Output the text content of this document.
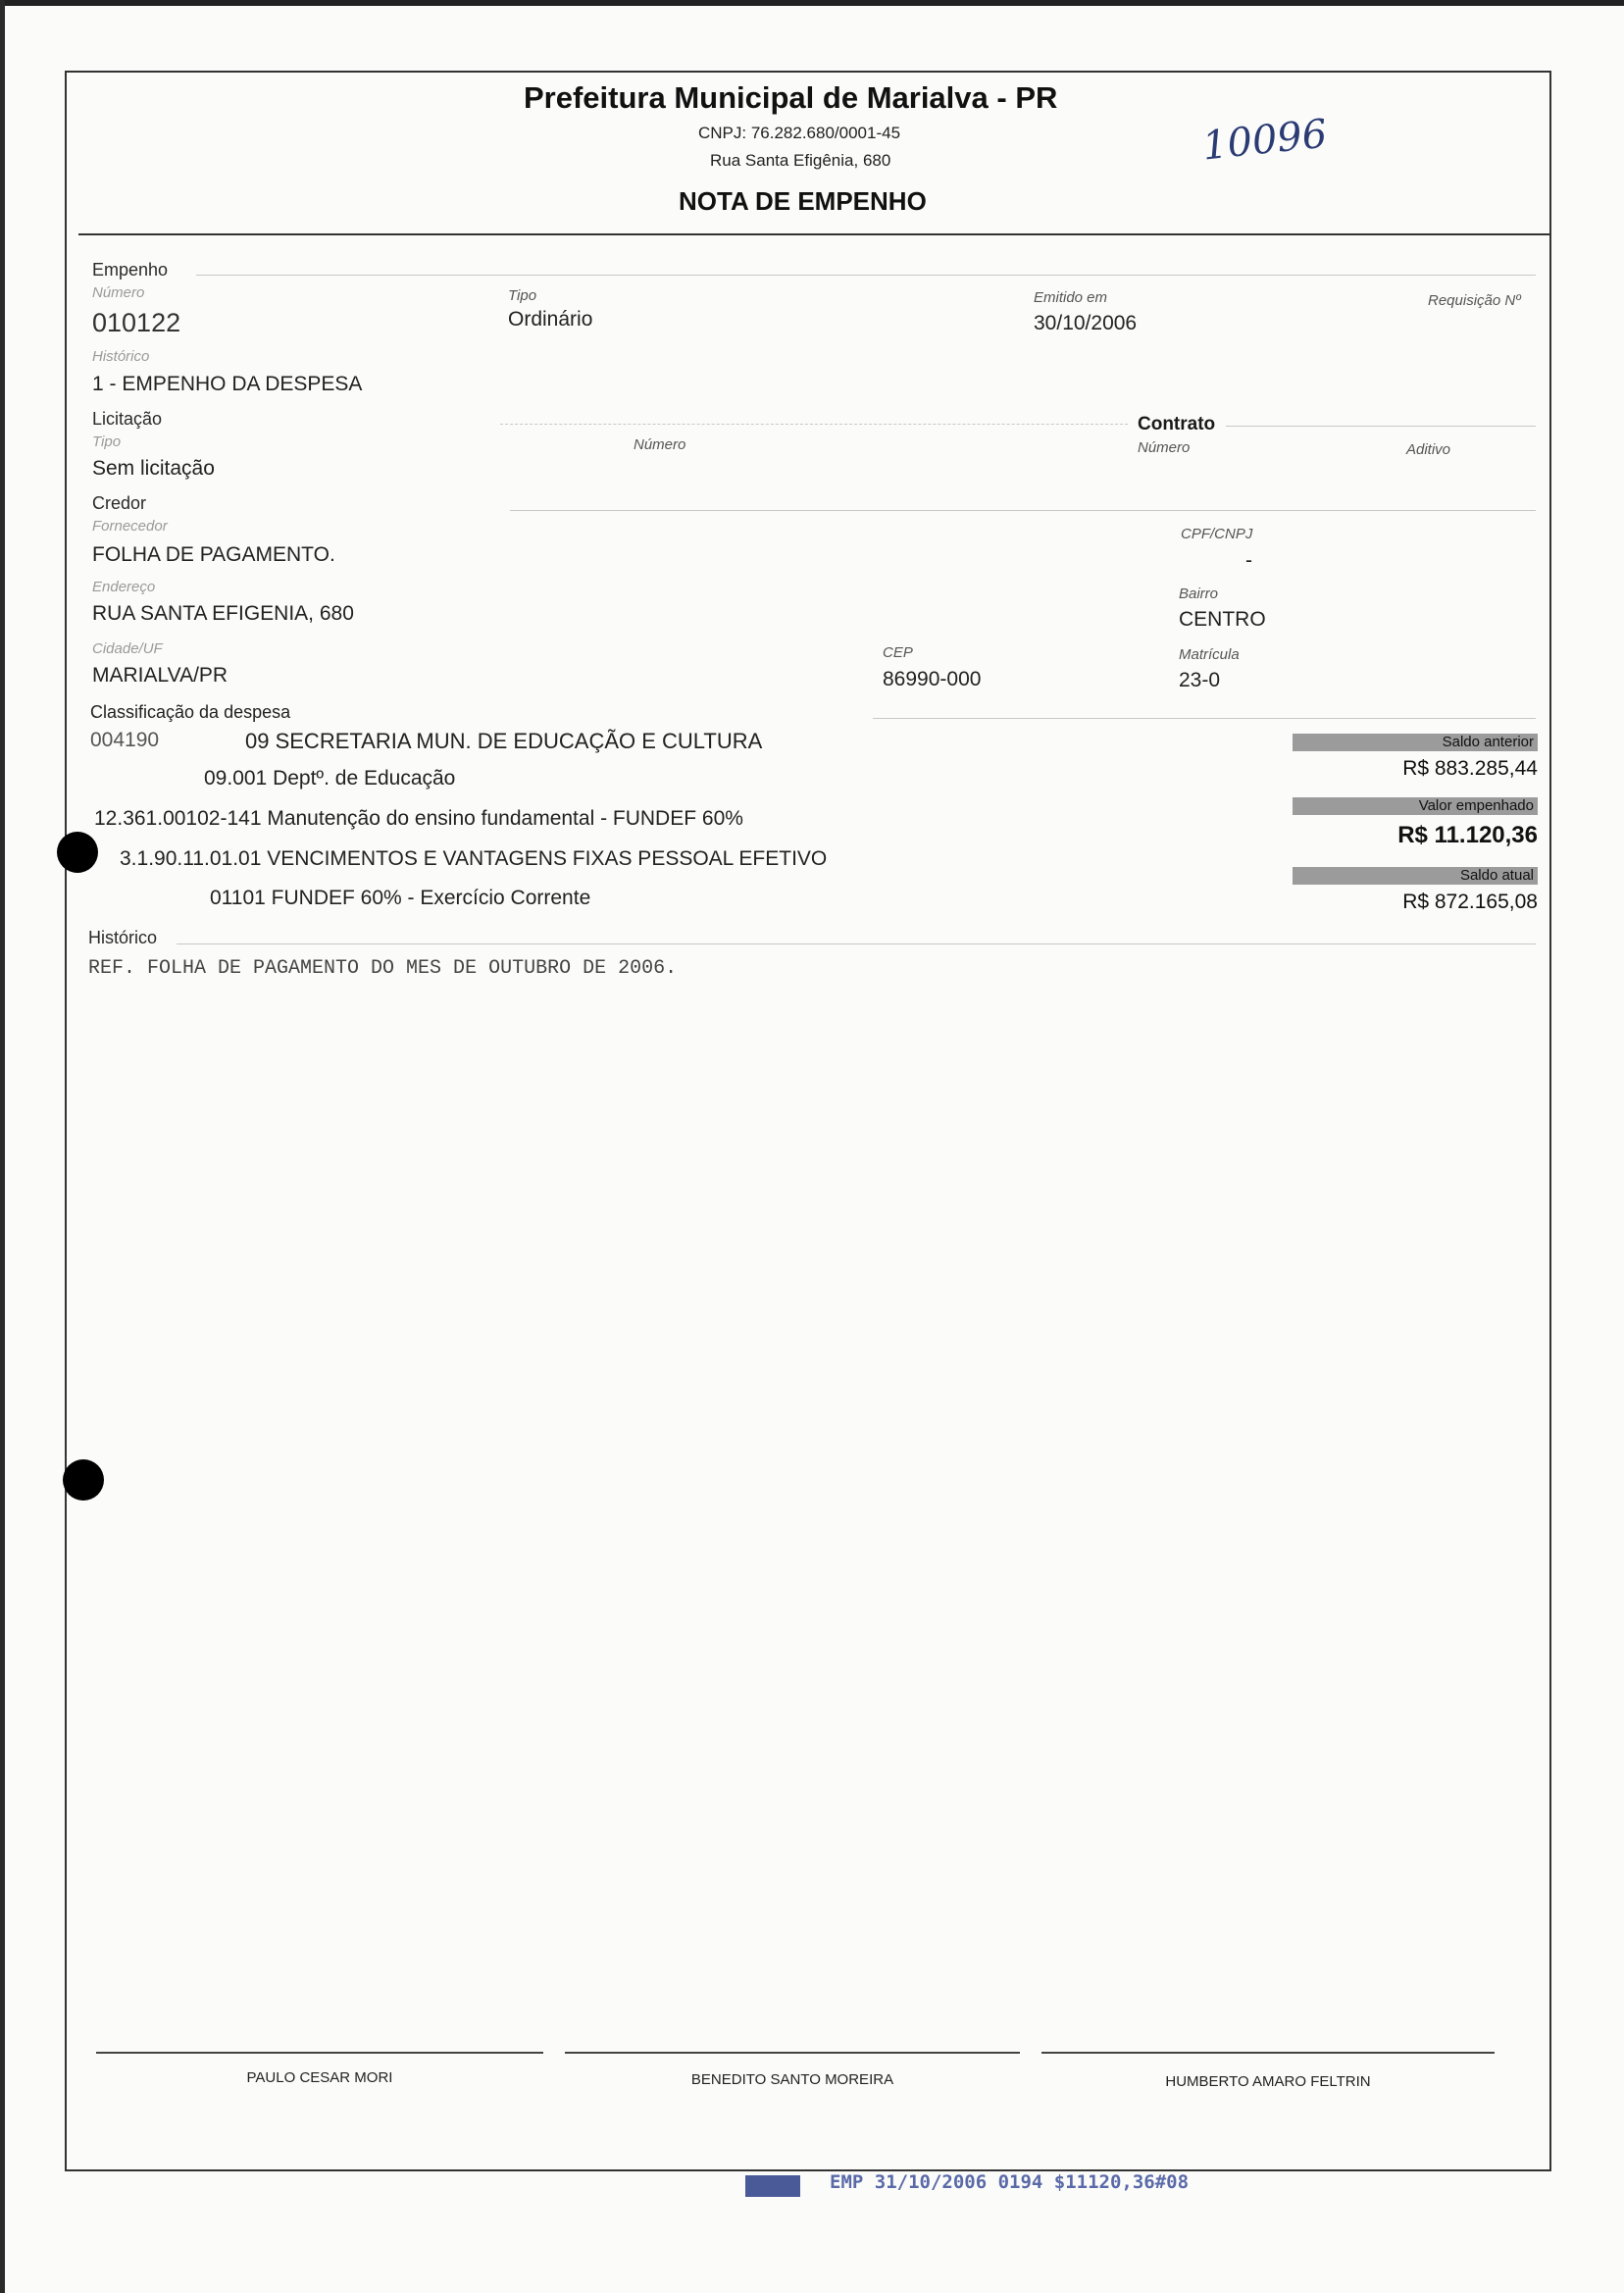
Prefeitura Municipal de Marialva - PR
CNPJ: 76.282.680/0001-45
Rua Santa Efigênia, 680
NOTA DE EMPENHO
10096
Empenho
Número
010122
Tipo
Ordinário
Emitido em
30/10/2006
Requisição Nº
Histórico
1 - EMPENHO DA DESPESA
Licitação
Tipo
Sem licitação
Número
Contrato
Número	Aditivo
Credor
Fornecedor
FOLHA DE PAGAMENTO.
CPF/CNPJ
-
Endereço
RUA SANTA EFIGENIA, 680
Bairro
CENTRO
Cidade/UF
MARIALVA/PR
CEP
86990-000
Matrícula
23-0
Classificação da despesa
004190	09 SECRETARIA MUN. DE EDUCAÇÃO E CULTURA
09.001 Deptº. de Educação
12.361.00102-141 Manutenção do ensino fundamental - FUNDEF 60%
3.1.90.11.01.01 VENCIMENTOS E VANTAGENS FIXAS PESSOAL EFETIVO
01101 FUNDEF 60% - Exercício Corrente
Saldo anterior
R$ 883.285,44
Valor empenhado
R$ 11.120,36
Saldo atual
R$ 872.165,08
Histórico
REF. FOLHA DE PAGAMENTO DO MES DE OUTUBRO DE 2006.
PAULO CESAR MORI	BENEDITO SANTO MOREIRA	HUMBERTO AMARO FELTRIN
EMP 31/10/2006 0194 $11120,36#08
